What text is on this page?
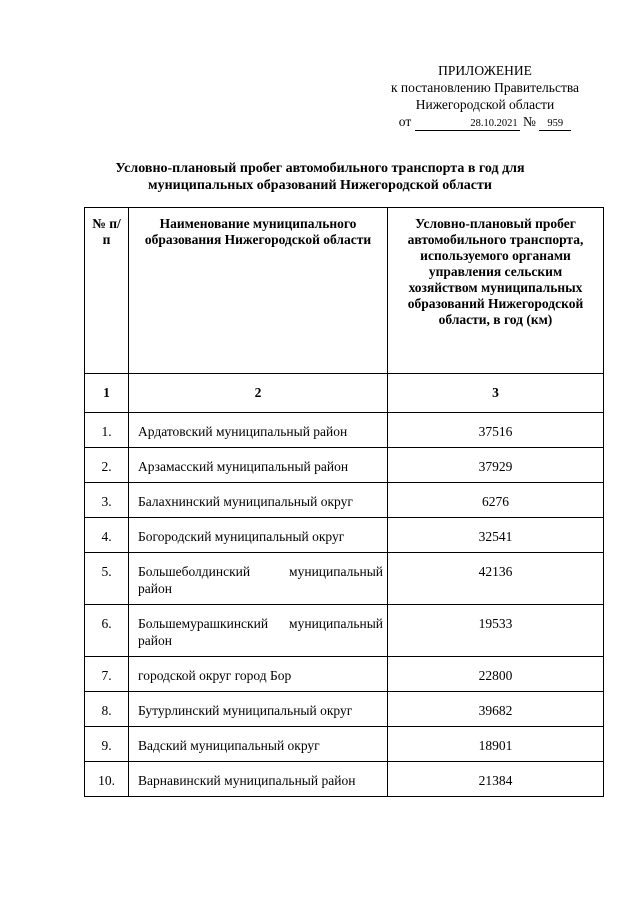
ПРИЛОЖЕНИЕ
к постановлению Правительства
Нижегородской области
от	28.10.2021 № 959
Условно-плановый пробег автомобильного транспорта в год для
муниципальных образований Нижегородской области
№ п/п	Наименование муниципального образования Нижегородской области	Условно-плановый пробег автомобильного транспорта, используемого органами управления сельским хозяйством муниципальных образований Нижегородской области, в год (км)
1	2	3
1.	Ардатовский муниципальный район	37516
2.	Арзамасский муниципальный район	37929
3.	Балахнинский муниципальный округ	6276
4.	Богородский муниципальный округ	32541
5.	Большеболдинский муниципальный район	42136
6.	Большемурашкинский муниципальный район	19533
7.	городской округ город Бор	22800
8.	Бутурлинский муниципальный округ	39682
9.	Вадский муниципальный округ	18901
10.	Варнавинский муниципальный район	21384
